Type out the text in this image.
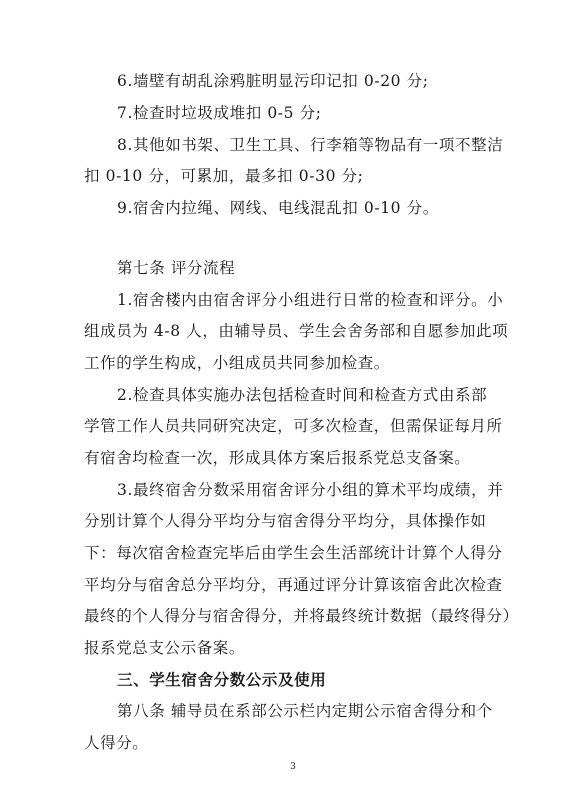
6.墙壁有胡乱涂鸦脏明显污印记扣 0-20 分;
7.检查时垃圾成堆扣 0-5 分;
8.其他如书架、卫生工具、行李箱等物品有一项不整洁
扣 0-10 分，可累加，最多扣 0-30 分;
9.宿舍内拉绳、网线、电线混乱扣 0-10 分。
第七条 评分流程
1.宿舍楼内由宿舍评分小组进行日常的检查和评分。小
组成员为 4-8 人，由辅导员、学生会舍务部和自愿参加此项
工作的学生构成，小组成员共同参加检查。
2.检查具体实施办法包括检查时间和检查方式由系部
学管工作人员共同研究决定，可多次检查，但需保证每月所
有宿舍均检查一次，形成具体方案后报系党总支备案。
3.最终宿舍分数采用宿舍评分小组的算术平均成绩，并
分别计算个人得分平均分与宿舍得分平均分，具体操作如
下：每次宿舍检查完毕后由学生会生活部统计计算个人得分
平均分与宿舍总分平均分，再通过评分计算该宿舍此次检查
最终的个人得分与宿舍得分，并将最终统计数据（最终得分）
报系党总支公示备案。
三、学生宿舍分数公示及使用
第八条 辅导员在系部公示栏内定期公示宿舍得分和个
人得分。
3
